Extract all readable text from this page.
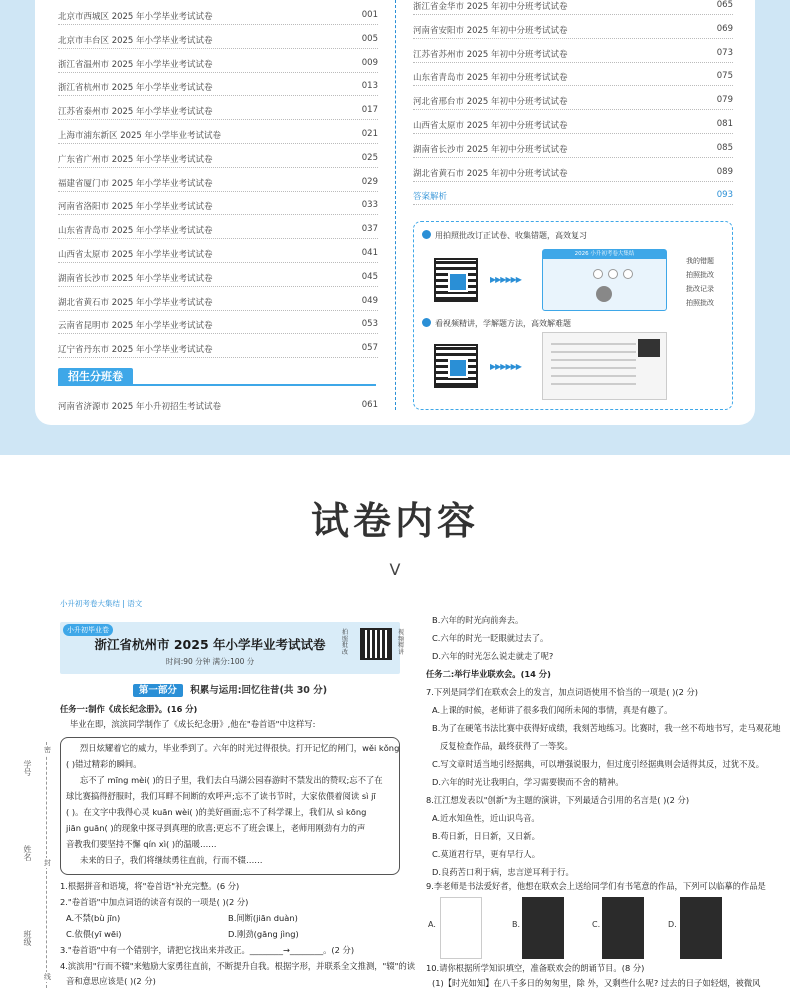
北京市西城区 2025 年小学毕业考试试卷	001
北京市丰台区 2025 年小学毕业考试试卷	005
浙江省温州市 2025 年小学毕业考试试卷	009
浙江省杭州市 2025 年小学毕业考试试卷	013
江苏省泰州市 2025 年小学毕业考试试卷	017
上海市浦东新区 2025 年小学毕业考试试卷	021
广东省广州市 2025 年小学毕业考试试卷	025
福建省厦门市 2025 年小学毕业考试试卷	029
河南省洛阳市 2025 年小学毕业考试试卷	033
山东省青岛市 2025 年小学毕业考试试卷	037
山西省太原市 2025 年小学毕业考试试卷	041
湖南省长沙市 2025 年小学毕业考试试卷	045
湖北省黄石市 2025 年小学毕业考试试卷	049
云南省昆明市 2025 年小学毕业考试试卷	053
辽宁省丹东市 2025 年小学毕业考试试卷	057
浙江省金华市 2025 年初中分班考试试卷	065
河南省安阳市 2025 年初中分班考试试卷	069
江苏省苏州市 2025 年初中分班考试试卷	073
山东省青岛市 2025 年初中分班考试试卷	075
河北省邢台市 2025 年初中分班考试试卷	079
山西省太原市 2025 年初中分班考试试卷	081
湖南省长沙市 2025 年初中分班考试试卷	085
湖北省黄石市 2025 年初中分班考试试卷	089
答案解析	093
招生分班卷
河南省济源市 2025 年小升初招生考试试卷	061
用拍照批改订正试卷、收集错题，高效复习
▶▶▶▶▶▶
2026 小升初考卷大集结
我的错题
拍照批改
批改记录
拍照批改
看视频精讲，学解题方法，高效解难题
▶▶▶▶▶▶
试卷内容
V
小升初考卷大集结 | 语文
小升初毕业卷
浙江省杭州市 2025 年小学毕业考试试卷
时间:90 分钟 满分:100 分
拍照批改
视频精讲
第一部分 积累与运用:回忆往昔(共 30 分)
任务一:制作《成长纪念册》。(16 分)
毕业在即，滨滨同学制作了《成长纪念册》,他在"卷首语"中这样写:
烈日炫耀着它的威力，毕业季到了。六年的时光过得很快。打开记忆的闸门，wěi kǒng
( )错过精彩的瞬间。
忘不了 mīng mèi( )的日子里，我们去白马湖公园春游时不禁发出的赞叹;忘不了在
球比赛搞得舒服时，我们耳畔不间断的欢呼声;忘不了读书节时，大家依偎着阅读 sì jī
( )。在文字中我得心灵 kuān wèi( )的美好画面;忘不了科学课上，我们从 sì kōng
jiān guān( )的现象中探寻到真理的欣喜;更忘不了班会课上，老师用刚劲有力的声
音教我们要坚持不懈 qín xì( )的温暖……
未来的日子，我们将继续勇往直前，行而不辍……
1.根据拼音和语境，将"卷首语"补充完整。(6 分)
2."卷首语"中加点词语的读音有误的一项是( )(2 分)
A.不禁(bù jīn)	B.间断(jiān duàn)
C.依偎(yī wēi)	D.刚劲(gāng jìng)
3."卷首语"中有一个错别字，请把它找出来并改正。________→________。(2 分)
4.滨滨用"行而不辍"来勉励大家勇往直前，不断提升自我。根据字形，并联系全文推测，"辍"的读
音和意思应该是( )(2 分)
学号
姓名
班级
密
封
线
B.六年的时光向前奔去。
C.六年的时光一眨眼就过去了。
D.六年的时光怎么说走就走了呢?
任务二:举行毕业联欢会。(14 分)
7.下列是同学们在联欢会上的发言，加点词语使用不恰当的一项是( )(2 分)
A.上课的时候，老师讲了很多我们闻所未闻的事情，真是有趣了。
B.为了在硬笔书法比赛中获得好成绩，我刻苦地练习。比赛时，我一丝不苟地书写，走马观花地
反复检查作品，最终获得了一等奖。
C.写文章时适当地引经据典，可以增强说服力，但过度引经据典则会适得其反，过犹不及。
D.六年的时光让我明白，学习需要锲而不舍的精神。
8.江江想发表以"创新"为主题的演讲，下列最适合引用的名言是( )(2 分)
A.近水知鱼性，近山识鸟音。
B.苟日新，日日新，又日新。
C.莫道君行早，更有早行人。
D.良药苦口利于病，忠言逆耳利于行。
9.李老师是书法爱好者，他想在联欢会上送给同学们有书笔意的作品，下列可以临摹的作品是
A.	B.	C.	D.
10.请你根据所学知识填空，准备联欢会的朗诵节目。(8 分)
(1)【时光如知】在八千多日的匆匆里，除 外，又剩些什么呢? 过去的日子如轻烟，被微风
